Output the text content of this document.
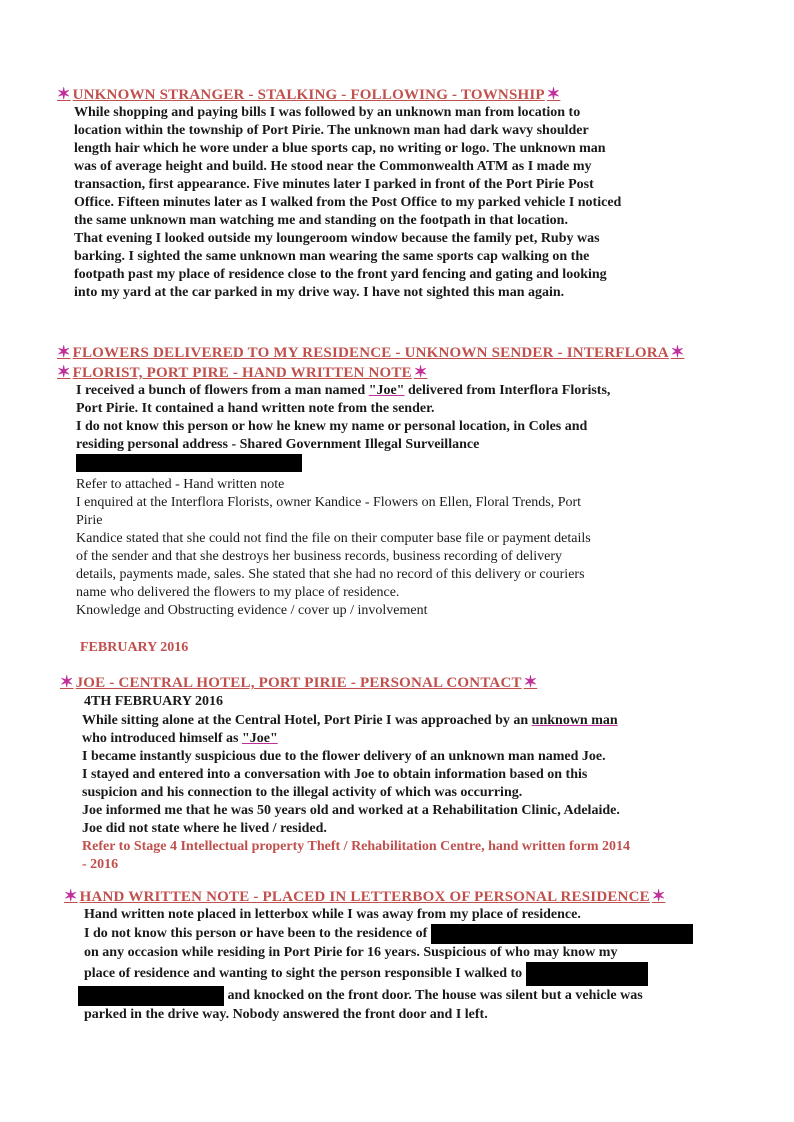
✶ UNKNOWN STRANGER - STALKING - FOLLOWING - TOWNSHIP ✶
While shopping and paying bills I was followed by an unknown man from location to
location within the township of Port Pirie. The unknown man had dark wavy shoulder
length hair which he wore under a blue sports cap, no writing or logo. The unknown man
was of average height and build. He stood near the Commonwealth ATM as I made my
transaction, first appearance. Five minutes later I parked in front of the Port Pirie Post
Office. Fifteen minutes later as I walked from the Post Office to my parked vehicle I noticed
the same unknown man watching me and standing on the footpath in that location.
That evening I looked outside my loungeroom window because the family pet, Ruby was
barking. I sighted the same unknown man wearing the same sports cap walking on the
footpath past my place of residence close to the front yard fencing and gating and looking
into my yard at the car parked in my drive way. I have not sighted this man again.
✶ FLOWERS DELIVERED TO MY RESIDENCE - UNKNOWN SENDER - INTERFLORA ✶
✶ FLORIST, PORT PIRE - HAND WRITTEN NOTE ✶
I received a bunch of flowers from a man named "Joe" delivered from Interflora Florists,
Port Pirie. It contained a hand written note from the sender.
I do not know this person or how he knew my name or personal location, in Coles and
residing personal address - Shared Government Illegal Surveillance
Refer to attached - Hand written note
I enquired at the Interflora Florists, owner Kandice - Flowers on Ellen, Floral Trends, Port
Pirie
Kandice stated that she could not find the file on their computer base file or payment details
of the sender and that she destroys her business records, business recording of delivery
details, payments made, sales. She stated that she had no record of this delivery or couriers
name who delivered the flowers to my place of residence.
Knowledge and Obstructing evidence / cover up / involvement
FEBRUARY 2016
✶ JOE - CENTRAL HOTEL, PORT PIRIE - PERSONAL CONTACT ✶
4TH FEBRUARY 2016
While sitting alone at the Central Hotel, Port Pirie I was approached by an unknown man
who introduced himself as "Joe"
I became instantly suspicious due to the flower delivery of an unknown man named Joe.
I stayed and entered into a conversation with Joe to obtain information based on this
suspicion and his connection to the illegal activity of which was occurring.
Joe informed me that he was 50 years old and worked at a Rehabilitation Clinic, Adelaide.
Joe did not state where he lived / resided.
Refer to Stage 4 Intellectual property Theft / Rehabilitation Centre, hand written form 2014
- 2016
✶ HAND WRITTEN NOTE - PLACED IN LETTERBOX OF PERSONAL RESIDENCE ✶
Hand written note placed in letterbox while I was away from my place of residence.
I do not know this person or have been to the residence of
on any occasion while residing in Port Pirie for 16 years. Suspicious of who may know my
place of residence and wanting to sight the person responsible I walked to
and knocked on the front door. The house was silent but a vehicle was
parked in the drive way. Nobody answered the front door and I left.
